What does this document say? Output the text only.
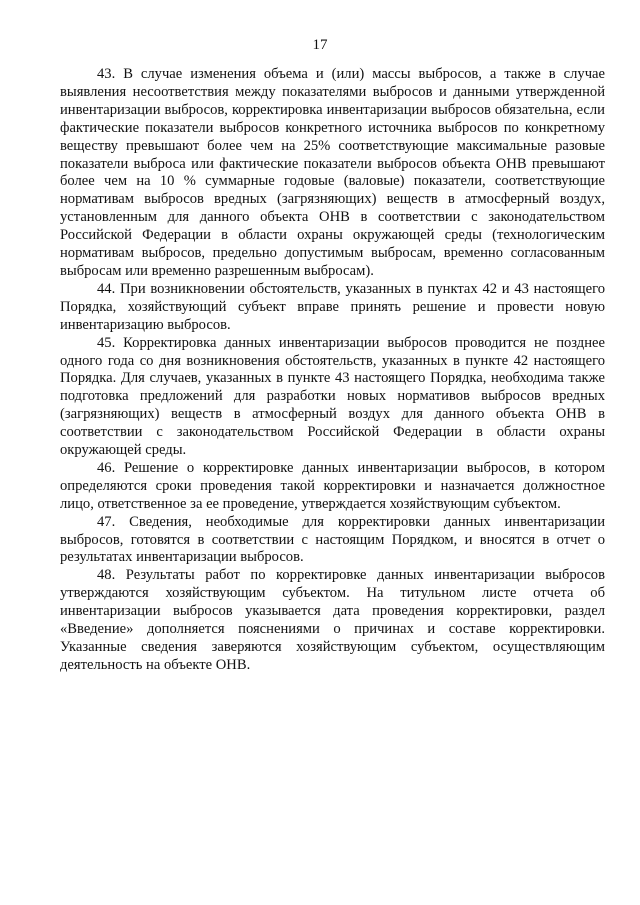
17

43. В случае изменения объема и (или) массы выбросов, а также в случае выявления несоответствия между показателями выбросов и данными утвержденной инвентаризации выбросов, корректировка инвентаризации выбросов обязательна, если фактические показатели выбросов конкретного источника выбросов по конкретному веществу превышают более чем на 25% соответствующие максимальные разовые показатели выброса или фактические показатели выбросов объекта ОНВ превышают более чем на 10 % суммарные годовые (валовые) показатели, соответствующие нормативам выбросов вредных (загрязняющих) веществ в атмосферный воздух, установленным для данного объекта ОНВ в соответствии с законодательством Российской Федерации в области охраны окружающей среды (технологическим нормативам выбросов, предельно допустимым выбросам, временно согласованным выбросам или временно разрешенным выбросам).

44. При возникновении обстоятельств, указанных в пунктах 42 и 43 настоящего Порядка, хозяйствующий субъект вправе принять решение и провести новую инвентаризацию выбросов.

45. Корректировка данных инвентаризации выбросов проводится не позднее одного года со дня возникновения обстоятельств, указанных в пункте 42 настоящего Порядка. Для случаев, указанных в пункте 43 настоящего Порядка, необходима также подготовка предложений для разработки новых нормативов выбросов вредных (загрязняющих) веществ в атмосферный воздух для данного объекта ОНВ в соответствии с законодательством Российской Федерации в области охраны окружающей среды.

46. Решение о корректировке данных инвентаризации выбросов, в котором определяются сроки проведения такой корректировки и назначается должностное лицо, ответственное за ее проведение, утверждается хозяйствующим субъектом.

47. Сведения, необходимые для корректировки данных инвентаризации выбросов, готовятся в соответствии с настоящим Порядком, и вносятся в отчет о результатах инвентаризации выбросов.

48. Результаты работ по корректировке данных инвентаризации выбросов утверждаются хозяйствующим субъектом. На титульном листе отчета об инвентаризации выбросов указывается дата проведения корректировки, раздел «Введение» дополняется пояснениями о причинах и составе корректировки. Указанные сведения заверяются хозяйствующим субъектом, осуществляющим деятельность на объекте ОНВ.
